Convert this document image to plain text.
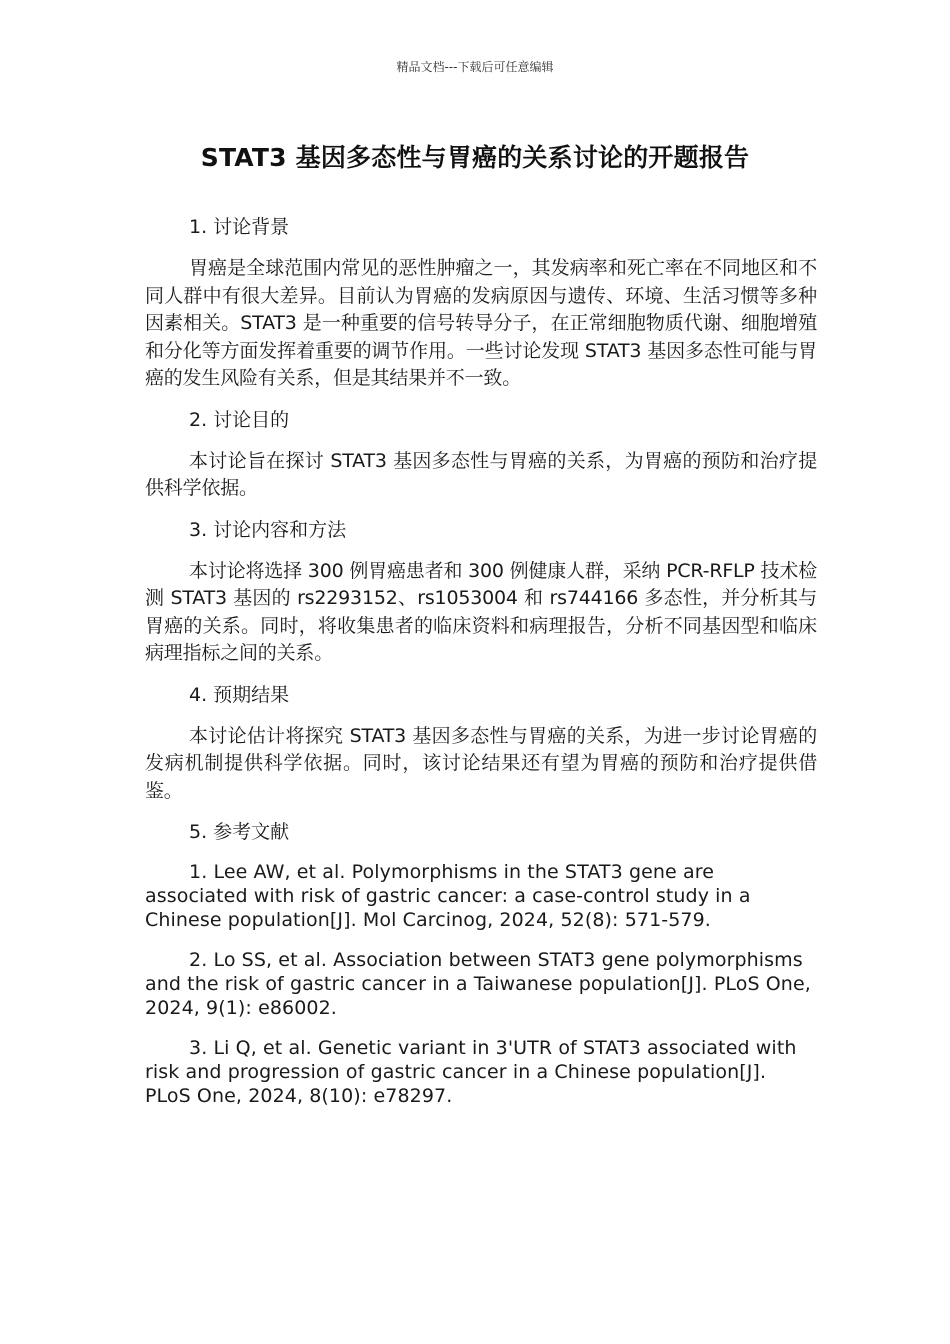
精品文档---下载后可任意编辑
STAT3 基因多态性与胃癌的关系讨论的开题报告
1. 讨论背景

胃癌是全球范围内常见的恶性肿瘤之一，其发病率和死亡率在不同地区和不同人群中有很大差异。目前认为胃癌的发病原因与遗传、环境、生活习惯等多种因素相关。STAT3 是一种重要的信号转导分子，在正常细胞物质代谢、细胞增殖和分化等方面发挥着重要的调节作用。一些讨论发现 STAT3 基因多态性可能与胃癌的发生风险有关系，但是其结果并不一致。

2. 讨论目的

本讨论旨在探讨 STAT3 基因多态性与胃癌的关系，为胃癌的预防和治疗提供科学依据。

3. 讨论内容和方法

本讨论将选择 300 例胃癌患者和 300 例健康人群，采纳 PCR-RFLP 技术检测 STAT3 基因的 rs2293152、rs1053004 和 rs744166 多态性，并分析其与胃癌的关系。同时，将收集患者的临床资料和病理报告，分析不同基因型和临床病理指标之间的关系。

4. 预期结果

本讨论估计将探究 STAT3 基因多态性与胃癌的关系，为进一步讨论胃癌的发病机制提供科学依据。同时，该讨论结果还有望为胃癌的预防和治疗提供借鉴。

5. 参考文献

1. Lee AW, et al. Polymorphisms in the STAT3 gene are associated with risk of gastric cancer: a case-control study in a Chinese population[J]. Mol Carcinog, 2024, 52(8): 571-579.

2. Lo SS, et al. Association between STAT3 gene polymorphisms and the risk of gastric cancer in a Taiwanese population[J]. PLoS One, 2024, 9(1): e86002.

3. Li Q, et al. Genetic variant in 3'UTR of STAT3 associated with risk and progression of gastric cancer in a Chinese population[J]. PLoS One, 2024, 8(10): e78297.
